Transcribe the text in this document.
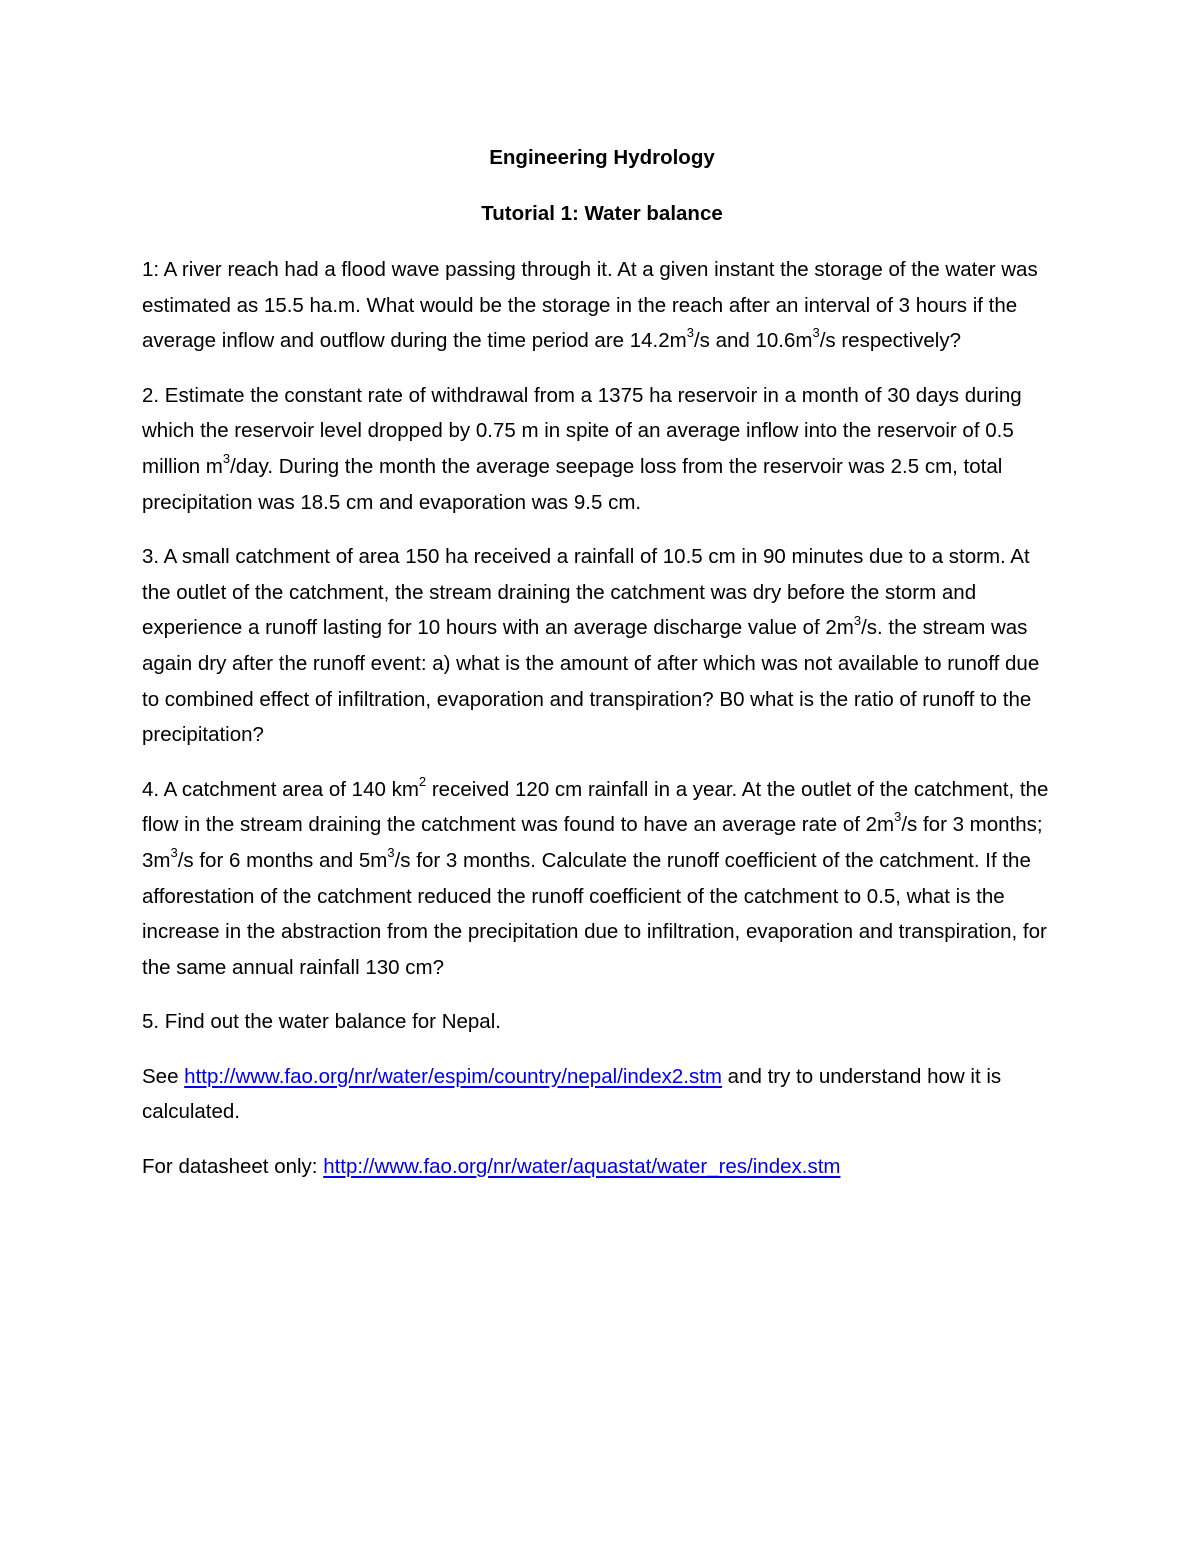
Engineering Hydrology
Tutorial 1: Water balance

1: A river reach had a flood wave passing through it. At a given instant the storage of the water was estimated as 15.5 ha.m. What would be the storage in the reach after an interval of 3 hours if the average inflow and outflow during the time period are $14.2m^3/s$ and $10.6m^3/s$ respectively?

2. Estimate the constant rate of withdrawal from a 1375 ha reservoir in a month of 30 days during which the reservoir level dropped by 0.75 m in spite of an average inflow into the reservoir of 0.5 million $m^3$/day. During the month the average seepage loss from the reservoir was 2.5 cm, total precipitation was 18.5 cm and evaporation was 9.5 cm.

3. A small catchment of area 150 ha received a rainfall of 10.5 cm in 90 minutes due to a storm. At the outlet of the catchment, the stream draining the catchment was dry before the storm and experience a runoff lasting for 10 hours with an average discharge value of $2m^3/s$. the stream was again dry after the runoff event: a) what is the amount of after which was not available to runoff due to combined effect of infiltration, evaporation and transpiration? B0 what is the ratio of runoff to the precipitation?

4. A catchment area of 140 $km^2$ received 120 cm rainfall in a year. At the outlet of the catchment, the flow in the stream draining the catchment was found to have an average rate of $2m^3/s$ for 3 months; $3m^3/s$ for 6 months and $5m^3/s$ for 3 months. Calculate the runoff coefficient of the catchment. If the afforestation of the catchment reduced the runoff coefficient of the catchment to 0.5, what is the increase in the abstraction from the precipitation due to infiltration, evaporation and transpiration, for the same annual rainfall 130 cm?

5. Find out the water balance for Nepal.

See http://www.fao.org/nr/water/espim/country/nepal/index2.stm and try to understand how it is calculated.

For datasheet only: http://www.fao.org/nr/water/aquastat/water_res/index.stm
